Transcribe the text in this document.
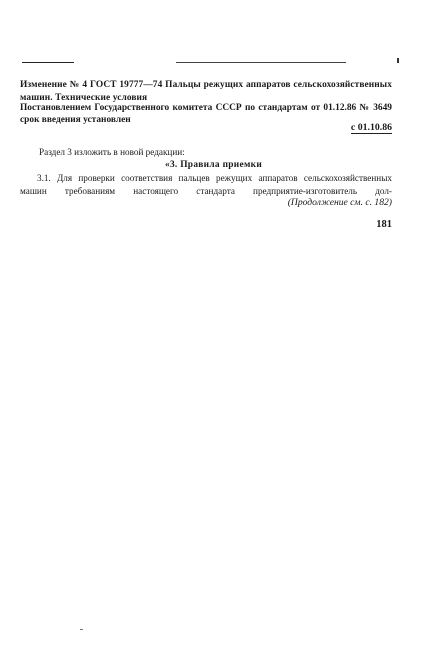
Изменение № 4 ГОСТ 19777—74 Пальцы режущих аппаратов сельскохозяйственных машин. Технические условия
Постановлением Государственного комитета СССР по стандартам от 01.12.86 № 3649 срок введения установлен
с 01.10.86
Раздел 3 изложить в новой редакции:
«3. Правила приемки
3.1. Для проверки соответствия пальцев режущих аппаратов сельскохозяйственных машин требованиям настоящего стандарта предприятие-изготовитель дол-
(Продолжение см. с. 182)
181
